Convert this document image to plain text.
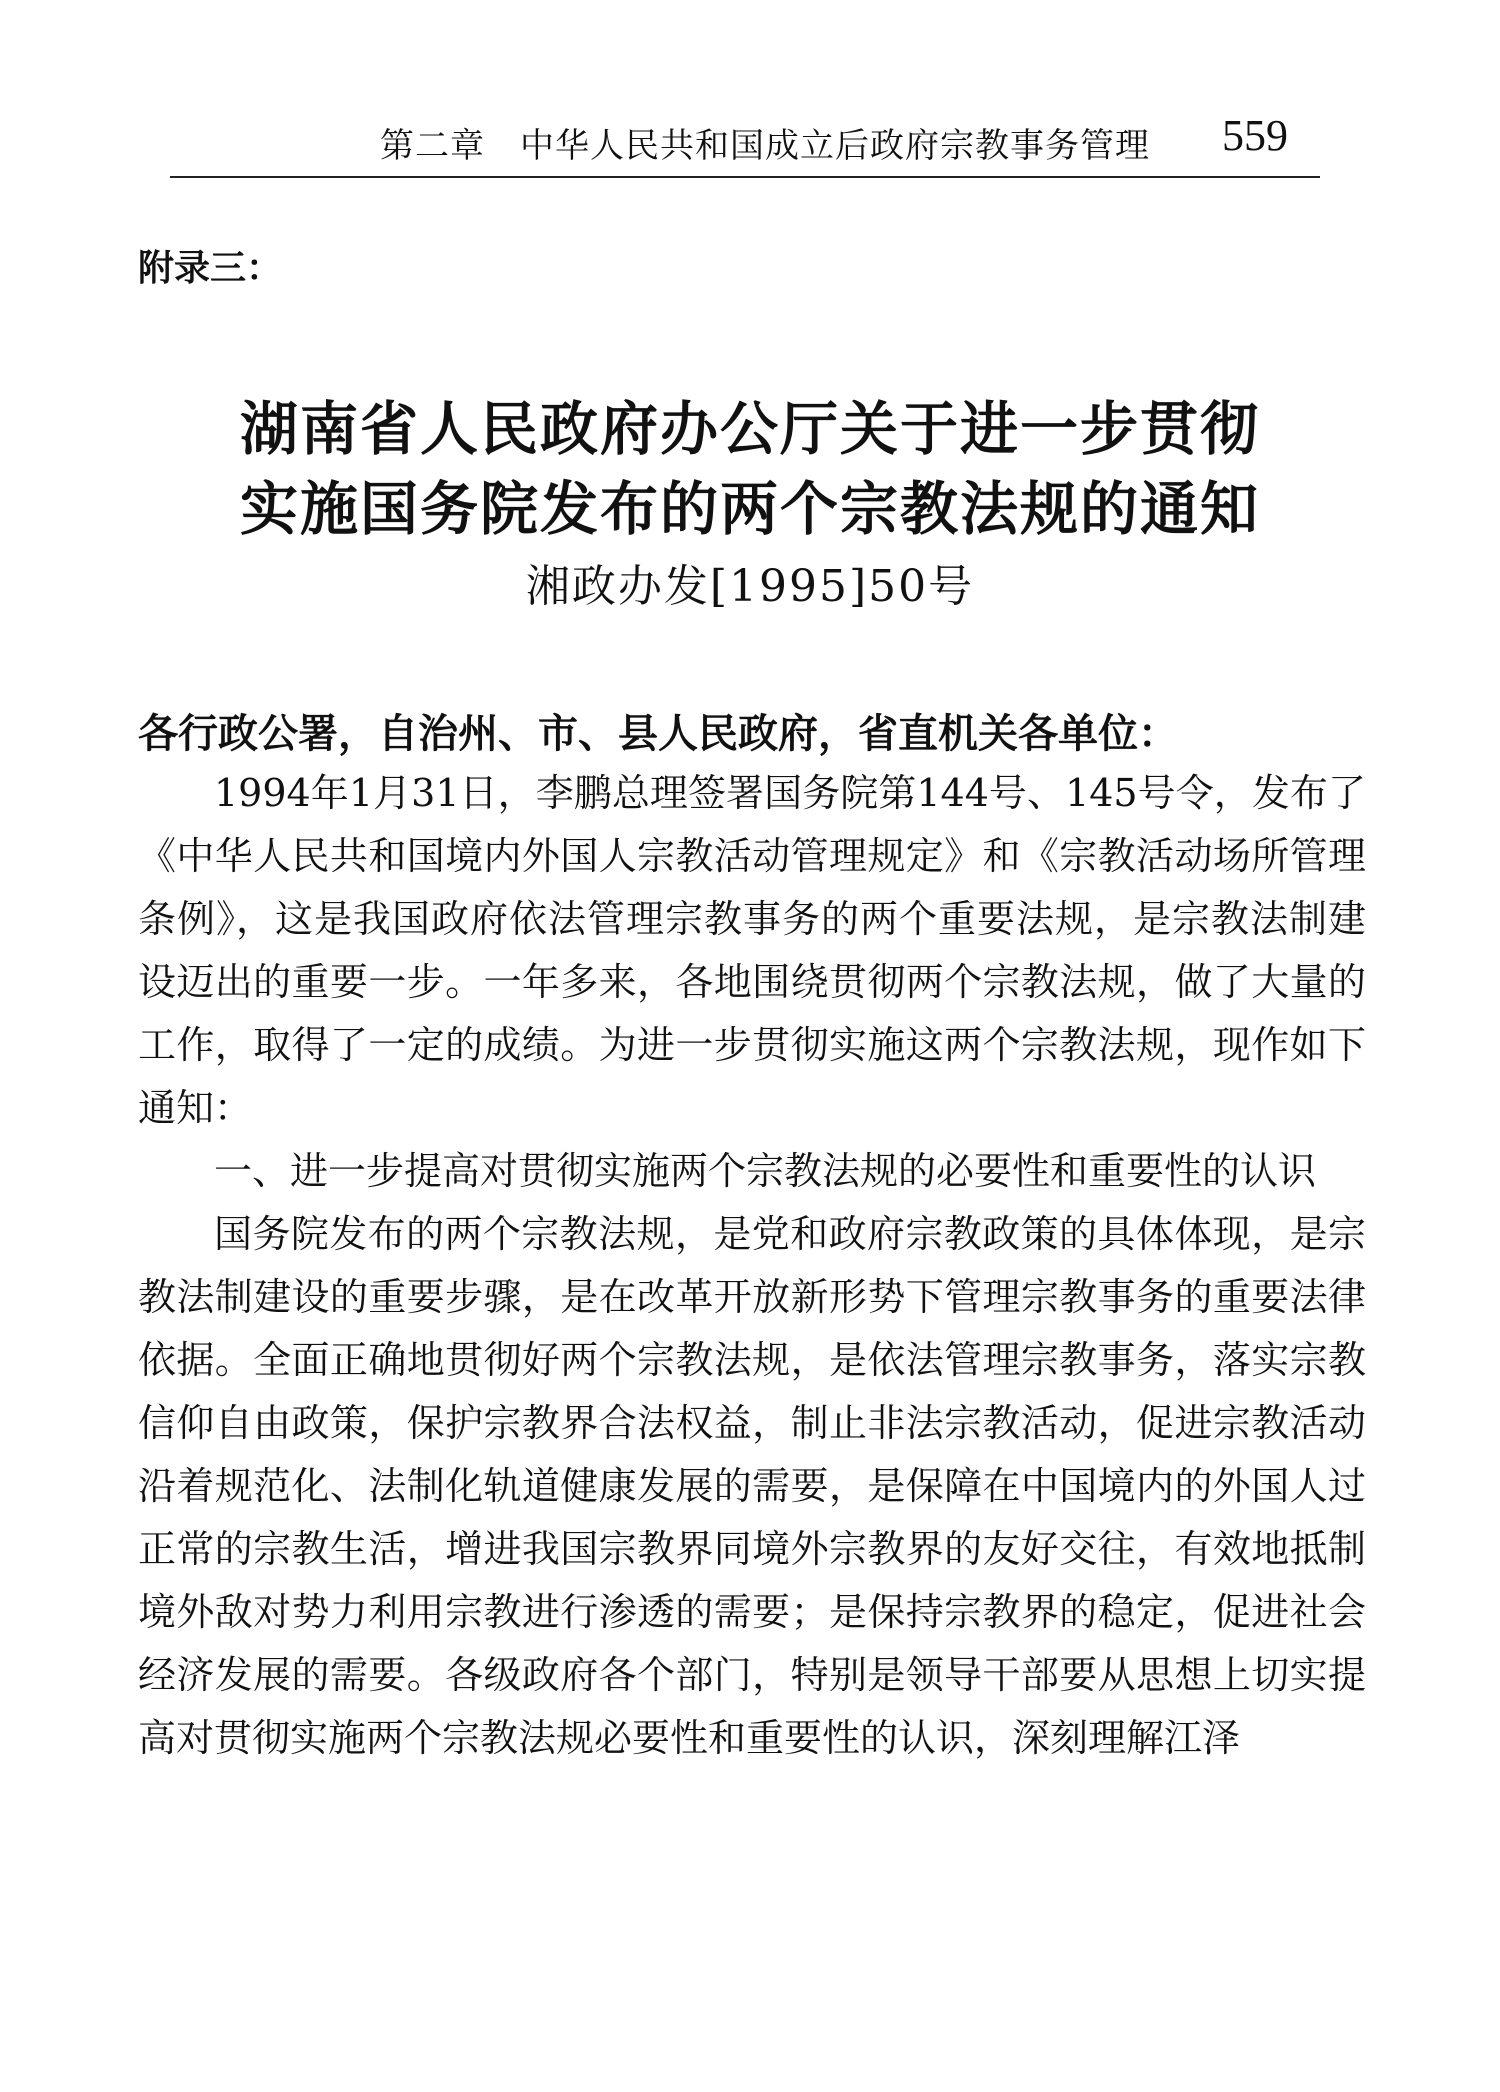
第二章　中华人民共和国成立后政府宗教事务管理 559
附录三：
湖南省人民政府办公厅关于进一步贯彻
实施国务院发布的两个宗教法规的通知
湘政办发[1995]50号
各行政公署，自治州、市、县人民政府，省直机关各单位：

1994年1月31日，李鹏总理签署国务院第144号、145号令，发布了《中华人民共和国境内外国人宗教活动管理规定》和《宗教活动场所管理条例》，这是我国政府依法管理宗教事务的两个重要法规，是宗教法制建设迈出的重要一步。一年多来，各地围绕贯彻两个宗教法规，做了大量的工作，取得了一定的成绩。为进一步贯彻实施这两个宗教法规，现作如下通知：

一、进一步提高对贯彻实施两个宗教法规的必要性和重要性的认识

国务院发布的两个宗教法规，是党和政府宗教政策的具体体现，是宗教法制建设的重要步骤，是在改革开放新形势下管理宗教事务的重要法律依据。全面正确地贯彻好两个宗教法规，是依法管理宗教事务，落实宗教信仰自由政策，保护宗教界合法权益，制止非法宗教活动，促进宗教活动沿着规范化、法制化轨道健康发展的需要，是保障在中国境内的外国人过正常的宗教生活，增进我国宗教界同境外宗教界的友好交往，有效地抵制境外敌对势力利用宗教进行渗透的需要；是保持宗教界的稳定，促进社会经济发展的需要。各级政府各个部门，特别是领导干部要从思想上切实提高对贯彻实施两个宗教法规必要性和重要性的认识，深刻理解江泽
